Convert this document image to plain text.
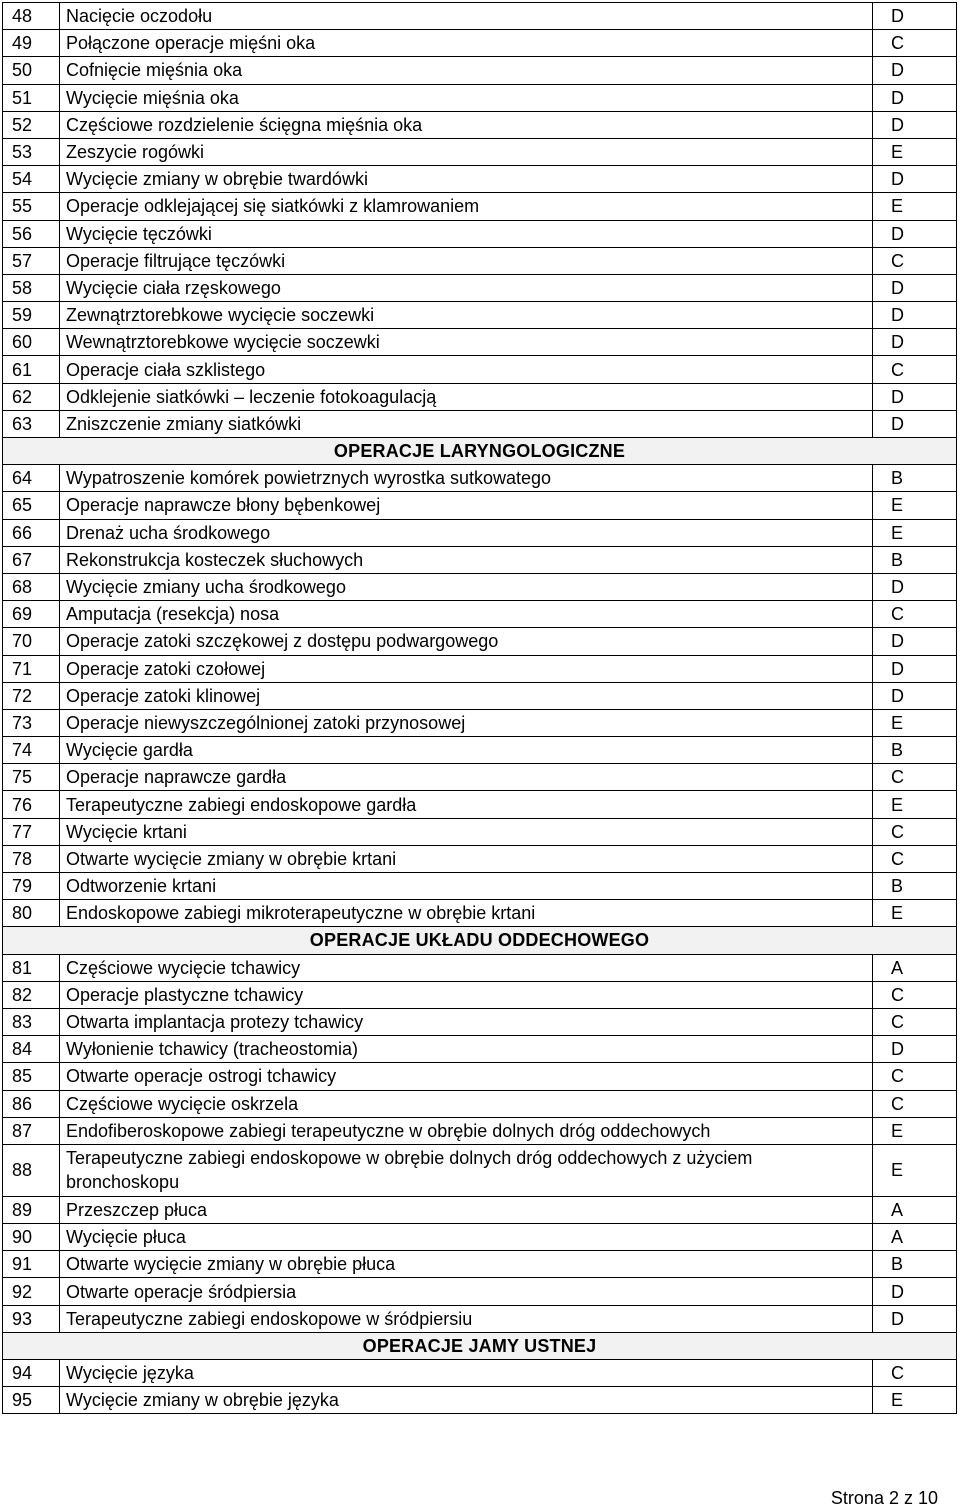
48	Nacięcie oczodołu	D
49	Połączone operacje mięśni oka	C
50	Cofnięcie mięśnia oka	D
51	Wycięcie mięśnia oka	D
52	Częściowe rozdzielenie ścięgna mięśnia oka	D
53	Zeszycie rogówki	E
54	Wycięcie zmiany w obrębie twardówki	D
55	Operacje odklejającej się siatkówki z klamrowaniem	E
56	Wycięcie tęczówki	D
57	Operacje filtrujące tęczówki	C
58	Wycięcie ciała rzęskowego	D
59	Zewnątrztorebkowe wycięcie soczewki	D
60	Wewnątrztorebkowe wycięcie soczewki	D
61	Operacje ciała szklistego	C
62	Odklejenie siatkówki – leczenie fotokoagulacją	D
63	Zniszczenie zmiany siatkówki	D
OPERACJE LARYNGOLOGICZNE		
64	Wypatroszenie komórek powietrznych wyrostka sutkowatego	B
65	Operacje naprawcze błony bębenkowej	E
66	Drenaż ucha środkowego	E
67	Rekonstrukcja kosteczek słuchowych	B
68	Wycięcie zmiany ucha środkowego	D
69	Amputacja (resekcja) nosa	C
70	Operacje zatoki szczękowej z dostępu podwargowego	D
71	Operacje zatoki czołowej	D
72	Operacje zatoki klinowej	D
73	Operacje niewyszczególnionej zatoki przynosowej	E
74	Wycięcie gardła	B
75	Operacje naprawcze gardła	C
76	Terapeutyczne zabiegi endoskopowe gardła	E
77	Wycięcie krtani	C
78	Otwarte wycięcie zmiany w obrębie krtani	C
79	Odtworzenie krtani	B
80	Endoskopowe zabiegi mikroterapeutyczne w obrębie krtani	E
OPERACJE UKŁADU ODDECHOWEGO		
81	Częściowe wycięcie tchawicy	A
82	Operacje plastyczne tchawicy	C
83	Otwarta implantacja protezy tchawicy	C
84	Wyłonienie tchawicy (tracheostomia)	D
85	Otwarte operacje ostrogi tchawicy	C
86	Częściowe wycięcie oskrzela	C
87	Endofiberoskopowe zabiegi terapeutyczne w obrębie dolnych dróg oddechowych	E
88	Terapeutyczne zabiegi endoskopowe w obrębie dolnych dróg oddechowych z użyciem bronchoskopu	E
89	Przeszczep płuca	A
90	Wycięcie płuca	A
91	Otwarte wycięcie zmiany w obrębie płuca	B
92	Otwarte operacje śródpiersia	D
93	Terapeutyczne zabiegi endoskopowe w śródpiersiu	D
OPERACJE JAMY USTNEJ		
94	Wycięcie języka	C
95	Wycięcie zmiany w obrębie języka	E
Strona 2 z 10
